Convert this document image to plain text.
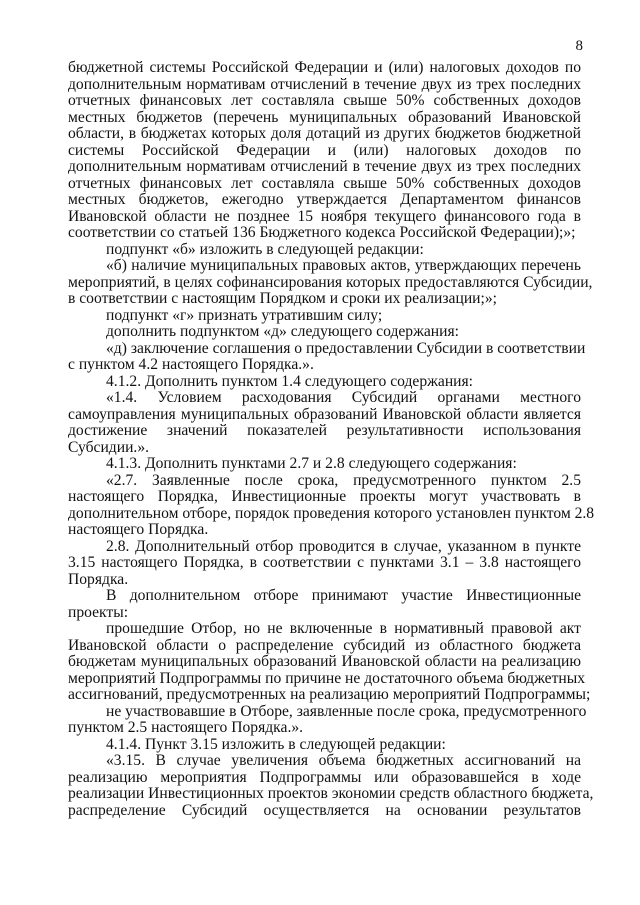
8
бюджетной системы Российской Федерации и (или) налоговых доходов по
дополнительным нормативам отчислений в течение двух из трех последних
отчетных финансовых лет составляла свыше 50% собственных доходов
местных бюджетов (перечень муниципальных образований Ивановской
области, в бюджетах которых доля дотаций из других бюджетов бюджетной
системы Российской Федерации и (или) налоговых доходов по
дополнительным нормативам отчислений в течение двух из трех последних
отчетных финансовых лет составляла свыше 50% собственных доходов
местных бюджетов, ежегодно утверждается Департаментом финансов
Ивановской области не позднее 15 ноября текущего финансового года в
соответствии со статьей 136 Бюджетного кодекса Российской Федерации);»;
подпункт «б» изложить в следующей редакции:
«б) наличие муниципальных правовых актов, утверждающих перечень
мероприятий, в целях софинансирования которых предоставляются Субсидии,
в соответствии с настоящим Порядком и сроки их реализации;»;
подпункт «г» признать утратившим силу;
дополнить подпунктом «д» следующего содержания:
«д) заключение соглашения о предоставлении Субсидии в соответствии
с пунктом 4.2 настоящего Порядка.».
4.1.2. Дополнить пунктом 1.4 следующего содержания:
«1.4. Условием расходования Субсидий органами местного
самоуправления муниципальных образований Ивановской области является
достижение значений показателей результативности использования
Субсидии.».
4.1.3. Дополнить пунктами 2.7 и 2.8 следующего содержания:
«2.7. Заявленные после срока, предусмотренного пунктом 2.5
настоящего Порядка, Инвестиционные проекты могут участвовать в
дополнительном отборе, порядок проведения которого установлен пунктом 2.8
настоящего Порядка.
2.8. Дополнительный отбор проводится в случае, указанном в пункте
3.15 настоящего Порядка, в соответствии с пунктами 3.1 – 3.8 настоящего
Порядка.
В дополнительном отборе принимают участие Инвестиционные
проекты:
прошедшие Отбор, но не включенные в нормативный правовой акт
Ивановской области о распределение субсидий из областного бюджета
бюджетам муниципальных образований Ивановской области на реализацию
мероприятий Подпрограммы по причине не достаточного объема бюджетных
ассигнований, предусмотренных на реализацию мероприятий Подпрограммы;
не участвовавшие в Отборе, заявленные после срока, предусмотренного
пунктом 2.5 настоящего Порядка.».
4.1.4. Пункт 3.15 изложить в следующей редакции:
«3.15. В случае увеличения объема бюджетных ассигнований на
реализацию мероприятия Подпрограммы или образовавшейся в ходе
реализации Инвестиционных проектов экономии средств областного бюджета,
распределение Субсидий осуществляется на основании результатов
